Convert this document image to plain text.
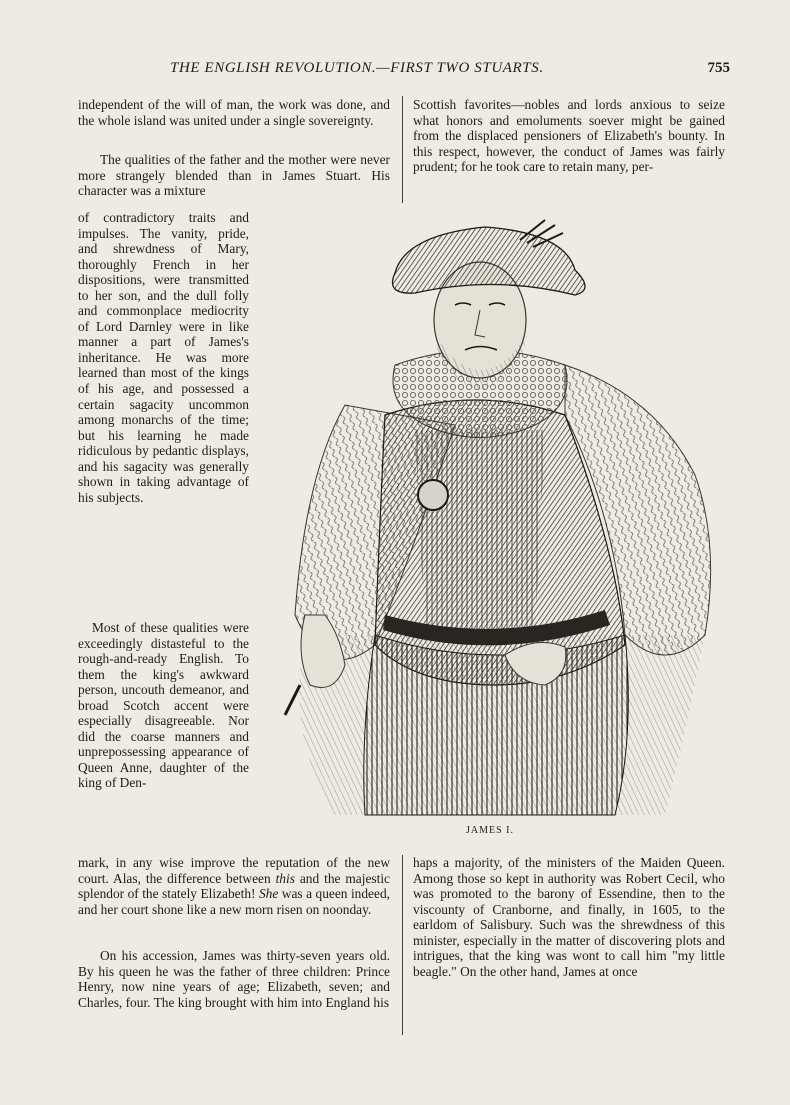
THE ENGLISH REVOLUTION.—FIRST TWO STUARTS.	755

independent of the will of man, the work was done, and the whole island was united under a single sovereignty.

The qualities of the father and the mother were never more strangely blended than in James Stuart. His character was a mixture

of contradictory traits and impulses. The vanity, pride, and shrewdness of Mary, thoroughly French in her dispositions, were transmitted to her son, and the dull folly and commonplace mediocrity of Lord Darnley were in like manner a part of James's inheritance. He was more learned than most of the kings of his age, and possessed a certain sagacity uncommon among monarchs of the time; but his learning he made ridiculous by pedantic displays, and his sagacity was generally shown in taking advantage of his subjects.

Most of these qualities were exceedingly distasteful to the rough-and-ready English. To them the king's awkward person, uncouth demeanor, and broad Scotch accent were especially disagreeable. Nor did the coarse manners and unprepossessing appearance of Queen Anne, daughter of the king of Den-

mark, in any wise improve the reputation of the new court. Alas, the difference between this and the majestic splendor of the stately Elizabeth! She was a queen indeed, and her court shone like a new morn risen on noonday.

On his accession, James was thirty-seven years old. By his queen he was the father of three children: Prince Henry, now nine years of age; Elizabeth, seven; and Charles, four. The king brought with him into England his

Scottish favorites—nobles and lords anxious to seize what honors and emoluments soever might be gained from the displaced pensioners of Elizabeth's bounty. In this respect, however, the conduct of James was fairly prudent; for he took care to retain many, per-

haps a majority, of the ministers of the Maiden Queen. Among those so kept in authority was Robert Cecil, who was promoted to the barony of Essendine, then to the viscounty of Cranborne, and finally, in 1605, to the earldom of Salisbury. Such was the shrewdness of this minister, especially in the matter of discovering plots and intrigues, that the king was wont to call him "my little beagle." On the other hand, James at once

JAMES I.
